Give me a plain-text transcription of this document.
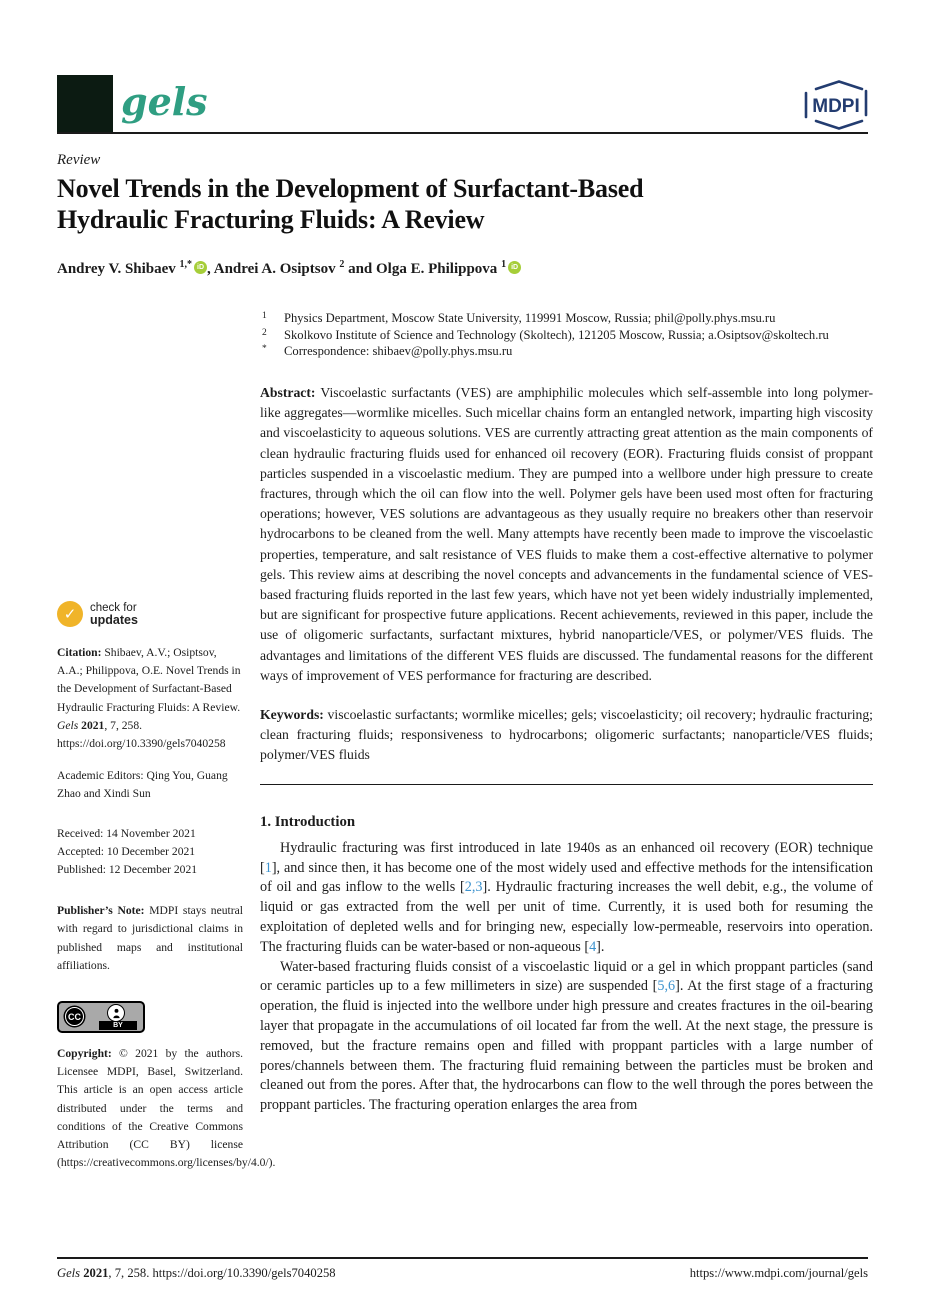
gels	MDPI
Review
Novel Trends in the Development of Surfactant-Based Hydraulic Fracturing Fluids: A Review
Andrey V. Shibaev $^{1,*}$ iD , Andrei A. Osiptsov $^2$ and Olga E. Philippova $^1$ iD
1	Physics Department, Moscow State University, 119991 Moscow, Russia; phil@polly.phys.msu.ru
2	Skolkovo Institute of Science and Technology (Skoltech), 121205 Moscow, Russia; a.Osiptsov@skoltech.ru
*	Correspondence: shibaev@polly.phys.msu.ru

Abstract: Viscoelastic surfactants (VES) are amphiphilic molecules which self-assemble into long polymer-like aggregates—wormlike micelles. Such micellar chains form an entangled network, imparting high viscosity and viscoelasticity to aqueous solutions. VES are currently attracting great attention as the main components of clean hydraulic fracturing fluids used for enhanced oil recovery (EOR). Fracturing fluids consist of proppant particles suspended in a viscoelastic medium. They are pumped into a wellbore under high pressure to create fractures, through which the oil can flow into the well. Polymer gels have been used most often for fracturing operations; however, VES solutions are advantageous as they usually require no breakers other than reservoir hydrocarbons to be cleaned from the well. Many attempts have recently been made to improve the viscoelastic properties, temperature, and salt resistance of VES fluids to make them a cost-effective alternative to polymer gels. This review aims at describing the novel concepts and advancements in the fundamental science of VES-based fracturing fluids reported in the last few years, which have not yet been widely industrially implemented, but are significant for prospective future applications. Recent achievements, reviewed in this paper, include the use of oligomeric surfactants, surfactant mixtures, hybrid nanoparticle/VES, or polymer/VES fluids. The advantages and limitations of the different VES fluids are discussed. The fundamental reasons for the different ways of improvement of VES performance for fracturing are described.

Keywords: viscoelastic surfactants; wormlike micelles; gels; viscoelasticity; oil recovery; hydraulic fracturing; clean fracturing fluids; responsiveness to hydrocarbons; oligomeric surfactants; nanoparticle/VES fluids; polymer/VES fluids

1. Introduction

Hydraulic fracturing was first introduced in late 1940s as an enhanced oil recovery (EOR) technique [1], and since then, it has become one of the most widely used and effective methods for the intensification of oil and gas inflow to the wells [2,3]. Hydraulic fracturing increases the well debit, e.g., the volume of liquid or gas extracted from the well per unit of time. Currently, it is used both for resuming the exploitation of depleted wells and for bringing new, especially low-permeable, reservoirs into operation. The fracturing fluids can be water-based or non-aqueous [4].

Water-based fracturing fluids consist of a viscoelastic liquid or a gel in which proppant particles (sand or ceramic particles up to a few millimeters in size) are suspended [5,6]. At the first stage of a fracturing operation, the fluid is injected into the wellbore under high pressure and creates fractures in the oil-bearing layer that propagate in the accumulations of oil located far from the well. At the next stage, the pressure is removed, but the fracture remains open and filled with proppant particles with a large number of pores/channels between them. The fracturing fluid remaining between the particles must be broken and cleaned out from the pores. After that, the hydrocarbons can flow to the well through the pores between the proppant particles. The fracturing operation enlarges the area from

✓	check for
updates

Citation: Shibaev, A.V.; Osiptsov, A.A.; Philippova, O.E. Novel Trends in the Development of Surfactant-Based Hydraulic Fracturing Fluids: A Review. Gels 2021, 7, 258. https://doi.org/10.3390/gels7040258

Academic Editors: Qing You, Guang Zhao and Xindi Sun

Received: 14 November 2021
Accepted: 10 December 2021
Published: 12 December 2021

Publisher’s Note: MDPI stays neutral with regard to jurisdictional claims in published maps and institutional affiliations.

CC
BY

Copyright: © 2021 by the authors. Licensee MDPI, Basel, Switzerland. This article is an open access article distributed under the terms and conditions of the Creative Commons Attribution (CC BY) license (https://creativecommons.org/licenses/by/4.0/).

Gels 2021, 7, 258. https://doi.org/10.3390/gels7040258	https://www.mdpi.com/journal/gels
